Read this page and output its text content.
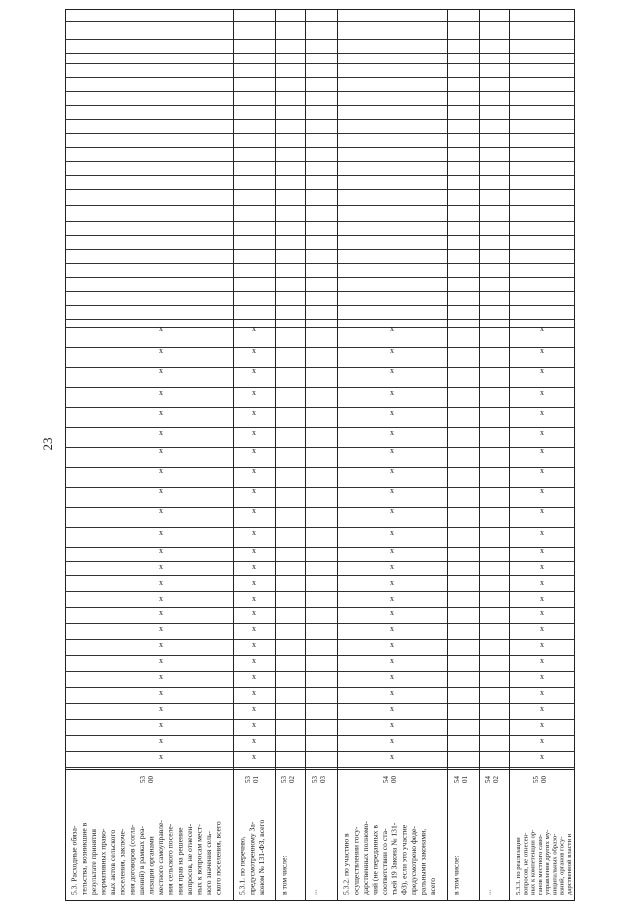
23
5.3. Расходные обяза- тельства, возникшие в результате принятия нормативных право- вых актов сельского поселения, заключе- ния договоров (согла- шений) в рамках реа- лизации органами местного самоуправле- ния сельского поселе- ния прав на решение вопросов, не отнесен- ных к вопросам мест- ного значения сель- ского поселения, всего
53 00
x
x
x
x
x
x
x
x
x
x
x
x
x
x
x
x
x
x
x
x
x
x
x
x
x
5.3.1. по перечню, предусмотренному За- коном № 131-ФЗ, всего
53 01
x
x
x
x
x
x
x
x
x
x
x
x
x
x
x
x
x
x
x
x
x
x
x
x
x
в том числе:
53 02
...
53 03
5.3.2. по участию в осуществлении госу- дарственных полномо- чий (не переданных в соответствии со ста- тьей 19 Закона № 131- ФЗ), если это участие предусмотрено феде- ральными законами, всего
54 00
x
x
x
x
x
x
x
x
x
x
x
x
x
x
x
x
x
x
x
x
x
x
x
x
x
в том числе:
54 01
...
54 02
5.3.3. по реализации вопросов, не отнесен- ных к компетенции ор- ганов местного само- управления других му- ниципальных образо- ваний, органов госу- дарственной власти и
55 00
x
x
x
x
x
x
x
x
x
x
x
x
x
x
x
x
x
x
x
x
x
x
x
x
x
